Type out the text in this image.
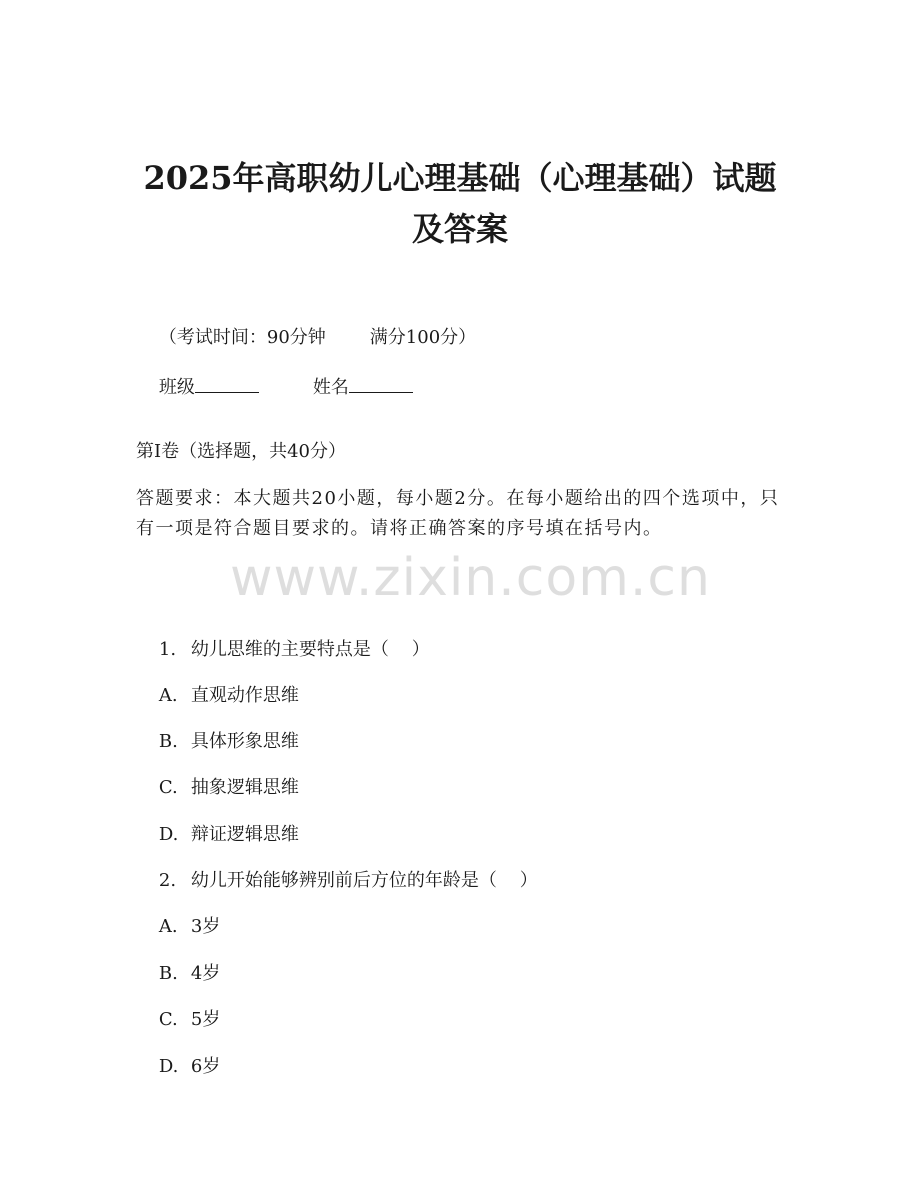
2025年高职幼儿心理基础（心理基础）试题
及答案

（考试时间：90分钟 满分100分）

班级	姓名

第I卷（选择题，共40分）

答题要求：本大题共20小题，每小题2分。在每小题给出的四个选项中，只有一项是符合题目要求的。请将正确答案的序号填在括号内。

www.zixin.com.cn

1. 幼儿思维的主要特点是（    ）

A. 直观动作思维

B. 具体形象思维

C. 抽象逻辑思维

D. 辩证逻辑思维

2. 幼儿开始能够辨别前后方位的年龄是（    ）

A. 3岁

B. 4岁

C. 5岁

D. 6岁
